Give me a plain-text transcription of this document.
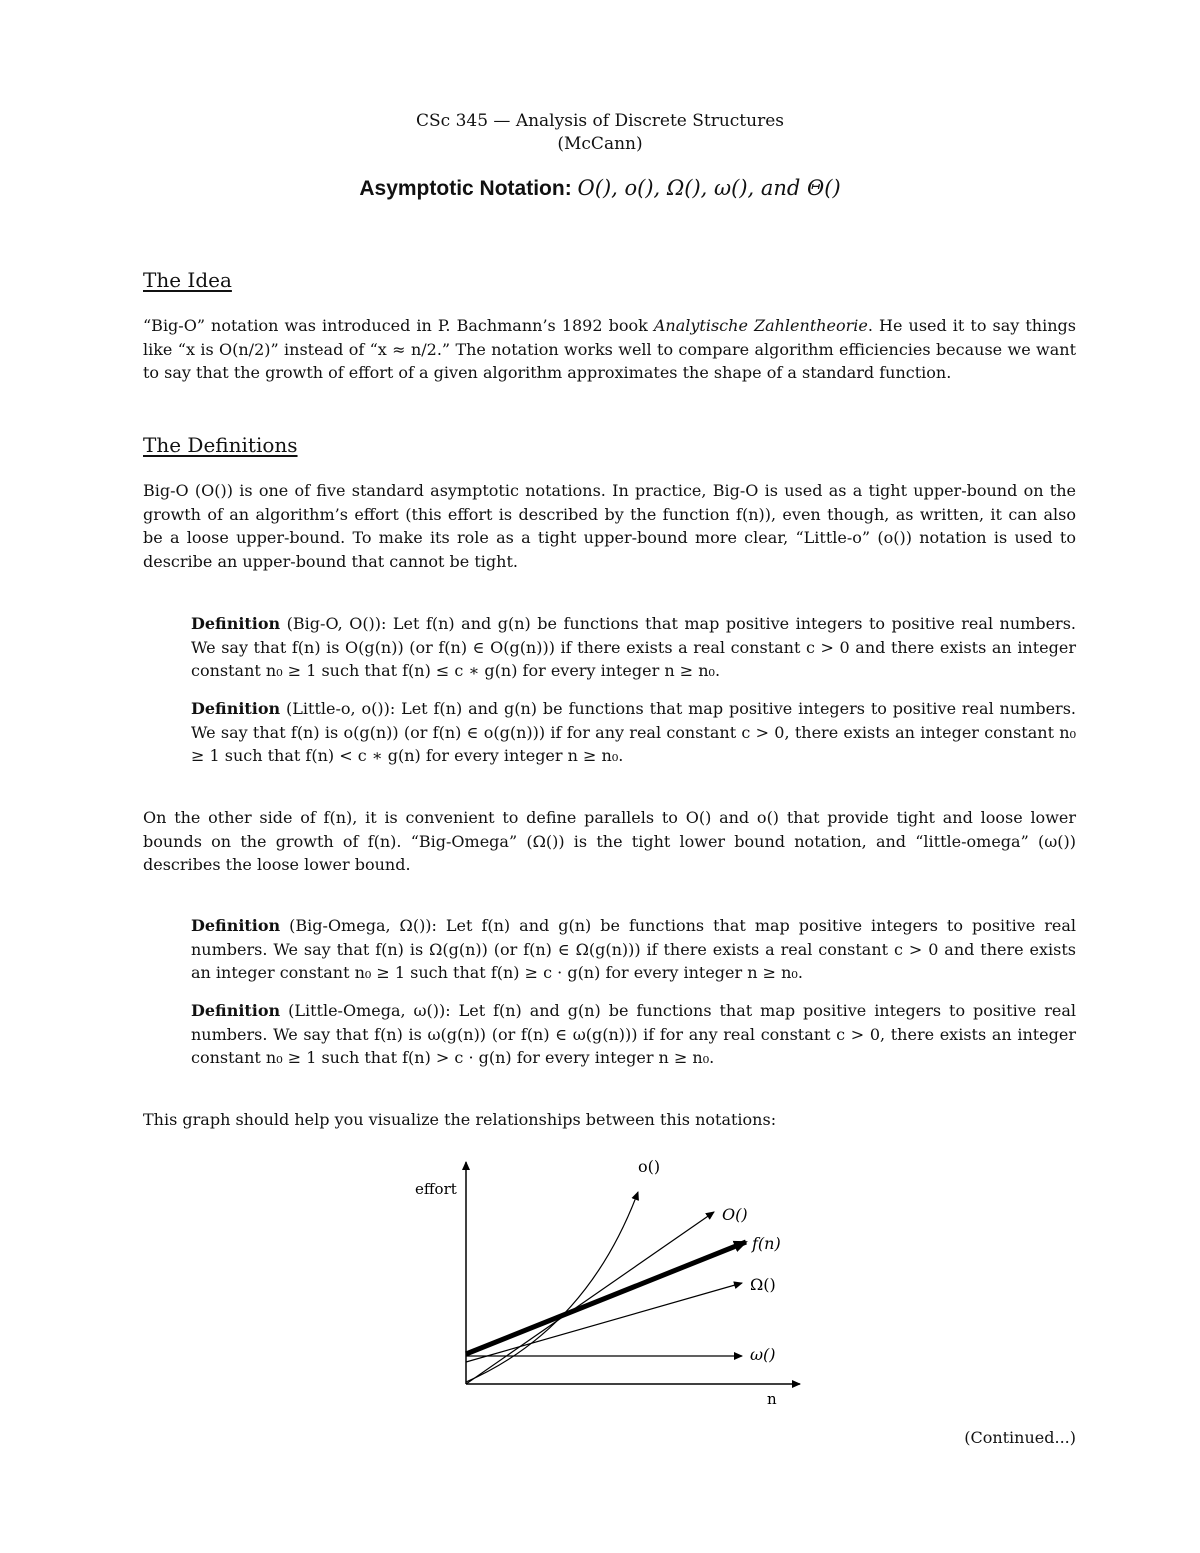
CSc 345 — Analysis of Discrete Structures
(McCann)
Asymptotic Notation: O(), o(), Ω(), ω(), and Θ()
The Idea
“Big-O” notation was introduced in P. Bachmann’s 1892 book Analytische Zahlentheorie. He used it to say things like “x is O(n/2)” instead of “x ≈ n/2.” The notation works well to compare algorithm efficiencies because we want to say that the growth of effort of a given algorithm approximates the shape of a standard function.
The Definitions
Big-O (O()) is one of five standard asymptotic notations. In practice, Big-O is used as a tight upper-bound on the growth of an algorithm’s effort (this effort is described by the function f(n)), even though, as written, it can also be a loose upper-bound. To make its role as a tight upper-bound more clear, “Little-o” (o()) notation is used to describe an upper-bound that cannot be tight.
Definition (Big-O, O()): Let f(n) and g(n) be functions that map positive integers to positive real numbers. We say that f(n) is O(g(n)) (or f(n) ∈ O(g(n))) if there exists a real constant c > 0 and there exists an integer constant n₀ ≥ 1 such that f(n) ≤ c ∗ g(n) for every integer n ≥ n₀.
Definition (Little-o, o()): Let f(n) and g(n) be functions that map positive integers to positive real numbers. We say that f(n) is o(g(n)) (or f(n) ∈ o(g(n))) if for any real constant c > 0, there exists an integer constant n₀ ≥ 1 such that f(n) < c ∗ g(n) for every integer n ≥ n₀.
On the other side of f(n), it is convenient to define parallels to O() and o() that provide tight and loose lower bounds on the growth of f(n). “Big-Omega” (Ω()) is the tight lower bound notation, and “little-omega” (ω()) describes the loose lower bound.
Definition (Big-Omega, Ω()): Let f(n) and g(n) be functions that map positive integers to positive real numbers. We say that f(n) is Ω(g(n)) (or f(n) ∈ Ω(g(n))) if there exists a real constant c > 0 and there exists an integer constant n₀ ≥ 1 such that f(n) ≥ c · g(n) for every integer n ≥ n₀.
Definition (Little-Omega, ω()): Let f(n) and g(n) be functions that map positive integers to positive real numbers. We say that f(n) is ω(g(n)) (or f(n) ∈ ω(g(n))) if for any real constant c > 0, there exists an integer constant n₀ ≥ 1 such that f(n) > c · g(n) for every integer n ≥ n₀.
This graph should help you visualize the relationships between this notations:
effort
n
o()
O()
f(n)
Ω()
ω()
(Continued...)
